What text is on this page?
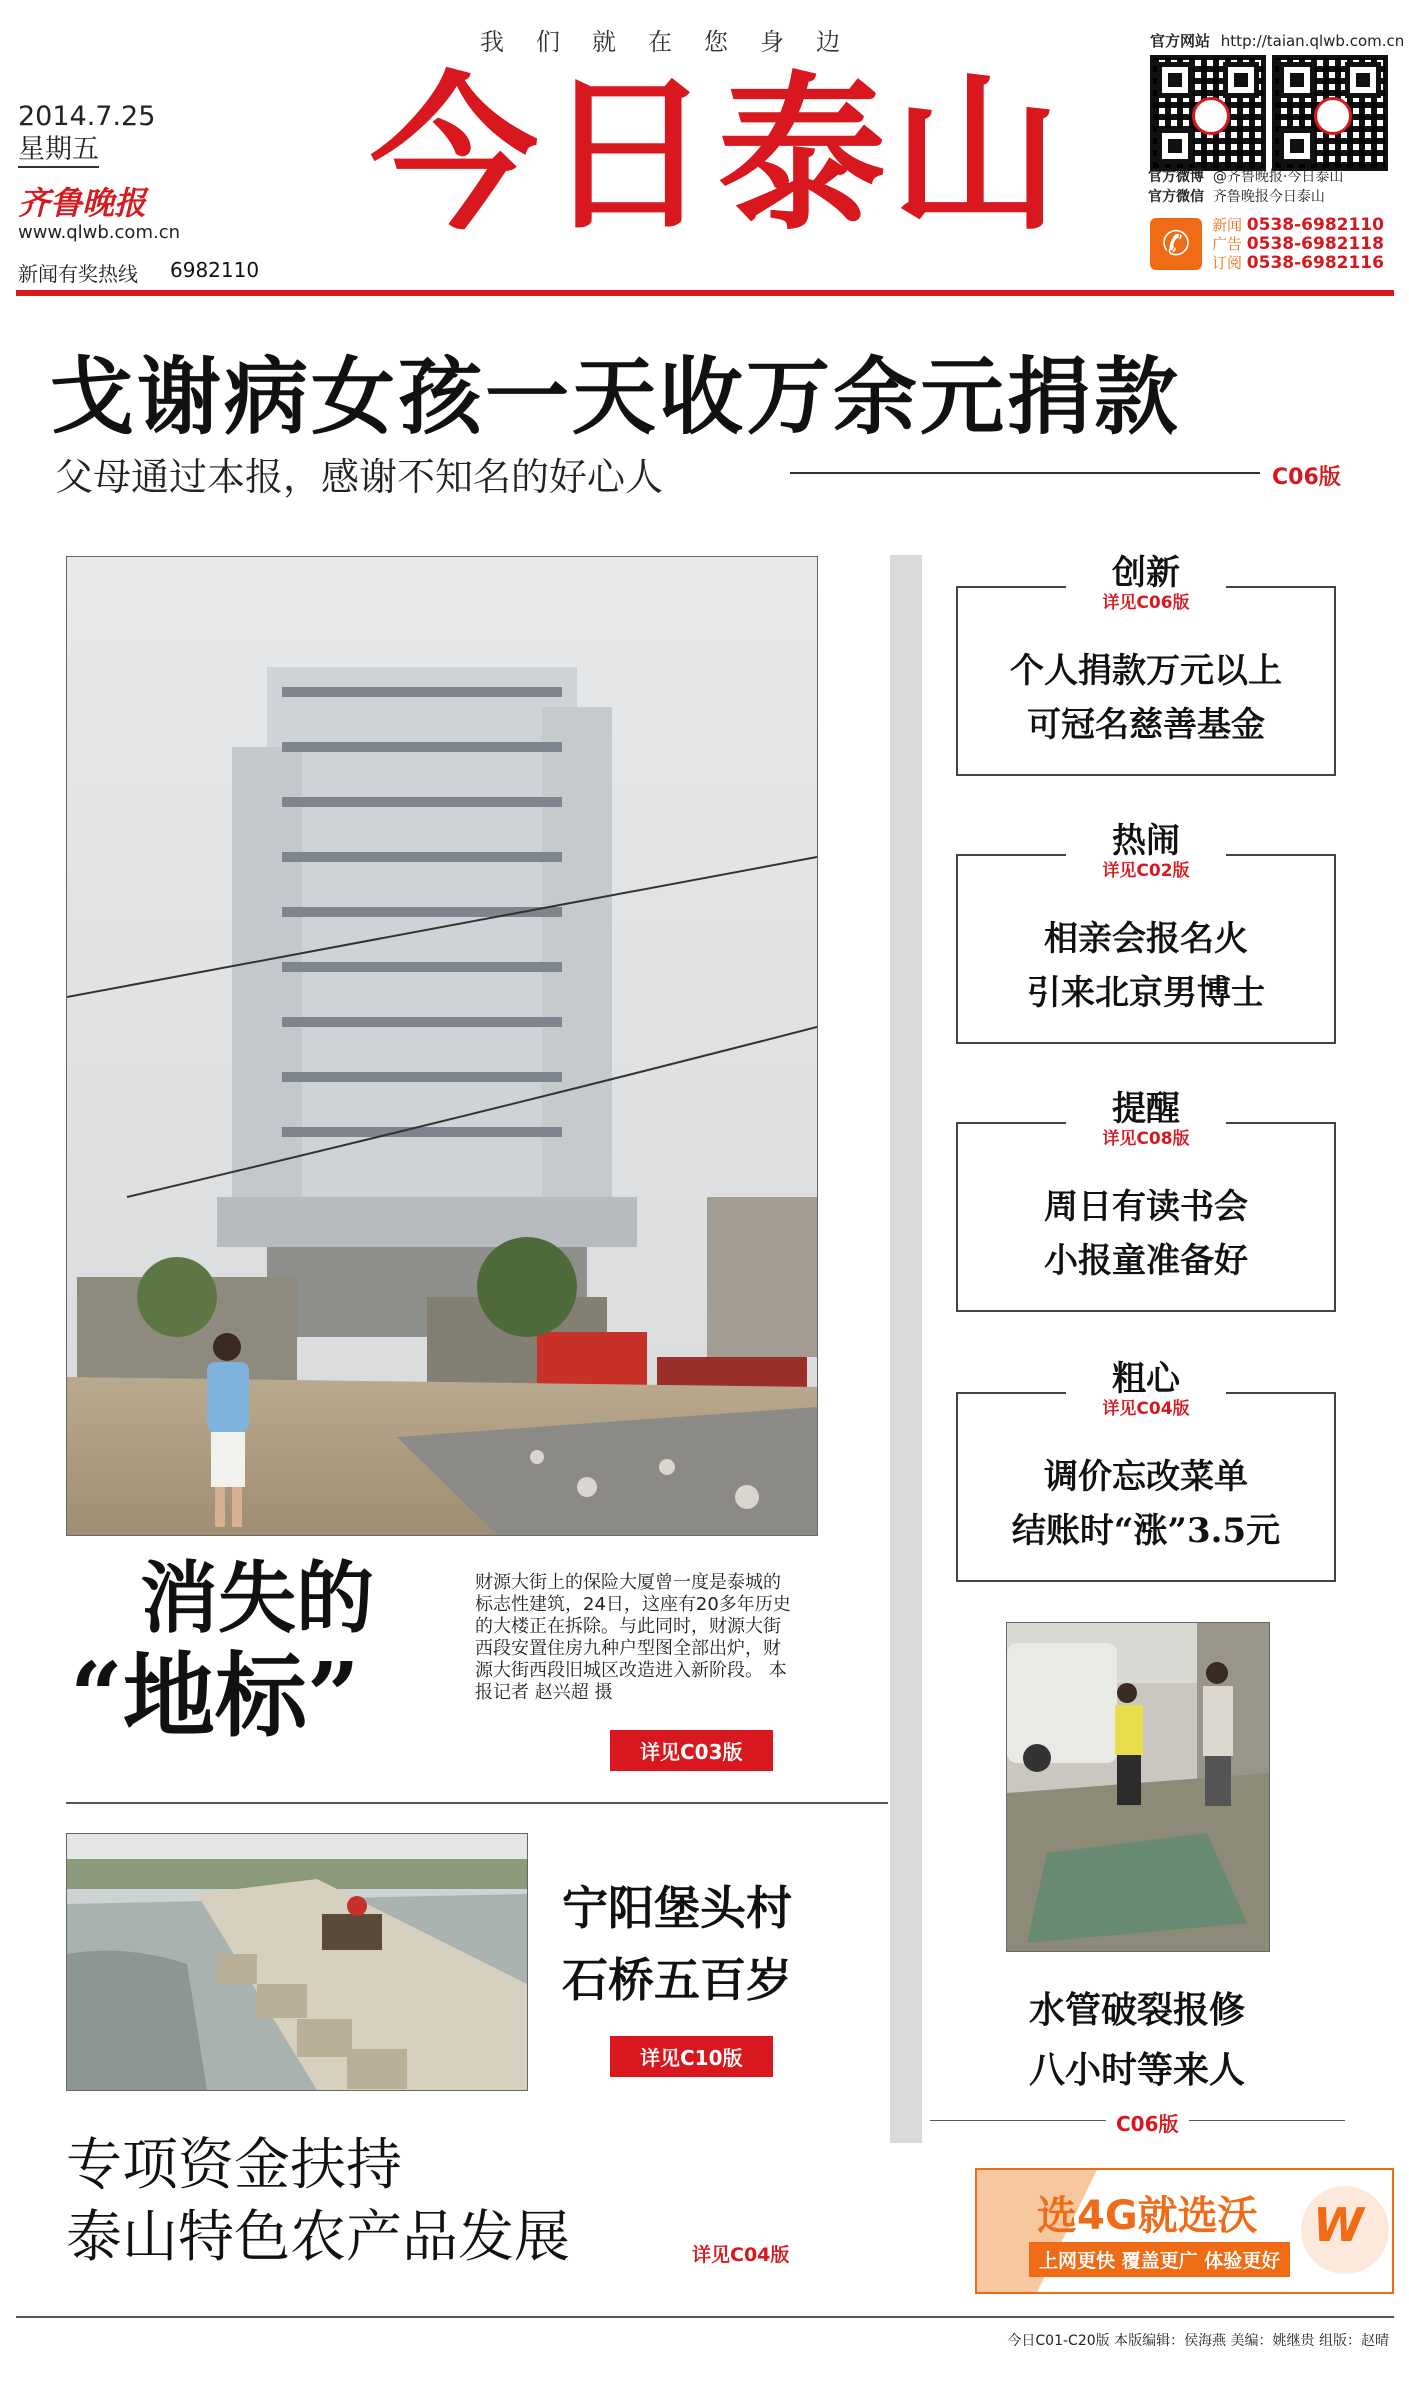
我们就在您身边
今日泰山
2014.7.25
星期五
齐鲁晚报
www.qlwb.com.cn
新闻有奖热线 6982110
官方网站 http://taian.qlwb.com.cn
官方微博 @齐鲁晚报·今日泰山
官方微信 齐鲁晚报今日泰山
✆	新闻 0538-6982110
广告 0538-6982118
订阅 0538-6982116
戈谢病女孩一天收万余元捐款
父母通过本报，感谢不知名的好心人	C06版
消失的
“地标”
财源大街上的保险大厦曾一度是泰城的标志性建筑，24日，这座有20多年历史的大楼正在拆除。与此同时，财源大街西段安置住房九种户型图全部出炉，财源大街西段旧城区改造进入新阶段。 本报记者 赵兴超 摄
详见C03版
宁阳堡头村
石桥五百岁
详见C10版
专项资金扶持
泰山特色农产品发展	详见C04版
创新
详见C06版
个人捐款万元以上
可冠名慈善基金
热闹
详见C02版
相亲会报名火
引来北京男博士
提醒
详见C08版
周日有读书会
小报童准备好
粗心
详见C04版
调价忘改菜单
结账时“涨”3.5元
水管破裂报修
八小时等来人
C06版
选4G就选沃
上网更快 覆盖更广 体验更好
W
今日C01-C20版 本版编辑：侯海燕 美编：姚继贵 组版：赵晴
